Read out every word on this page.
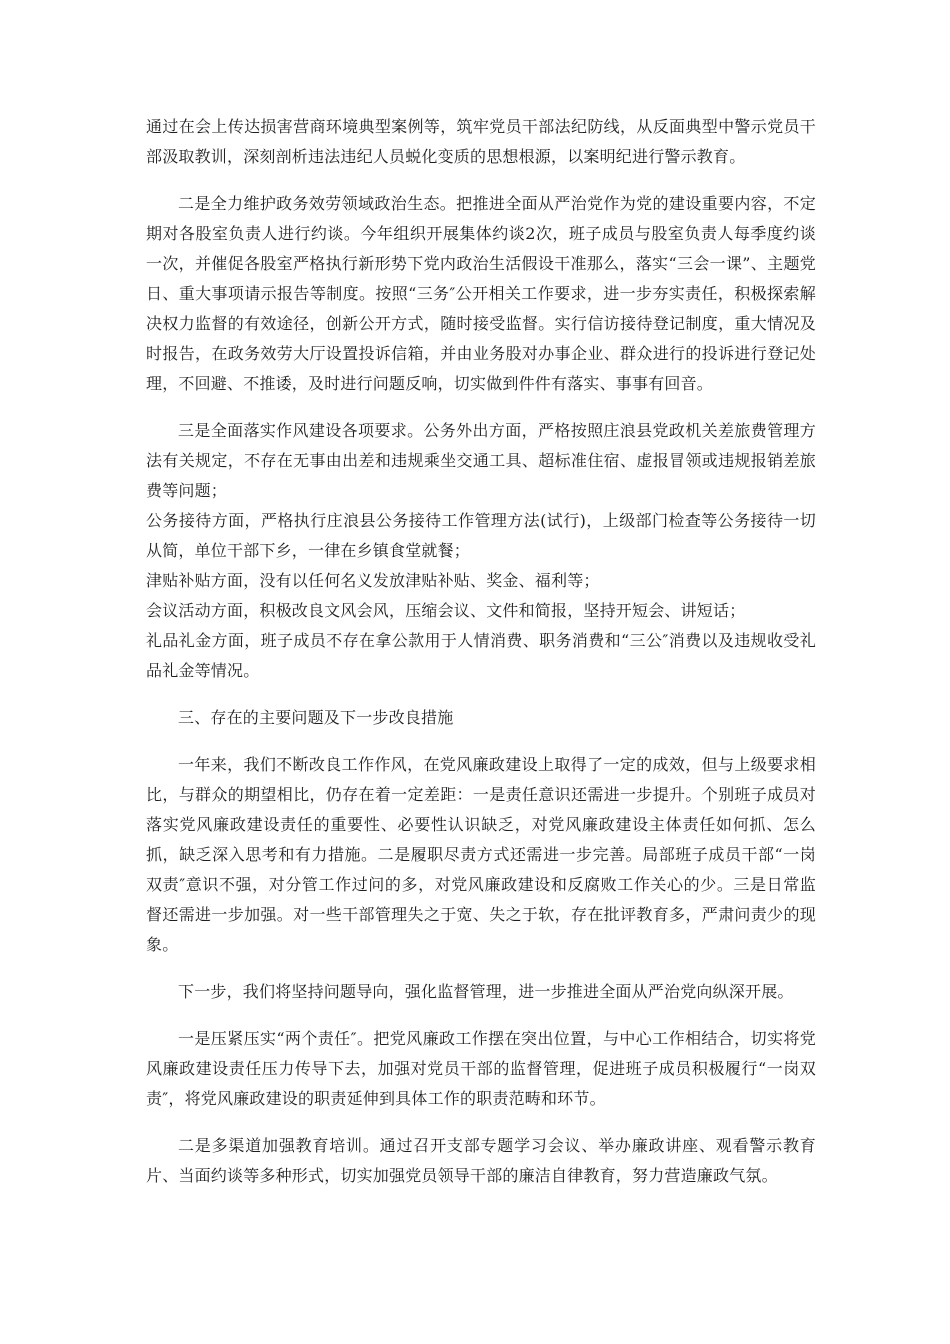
通过在会上传达损害营商环境典型案例等，筑牢党员干部法纪防线，从反面典型中警示党员干部汲取教训，深刻剖析违法违纪人员蜕化变质的思想根源，以案明纪进行警示教育。

二是全力维护政务效劳领域政治生态。把推进全面从严治党作为党的建设重要内容，不定期对各股室负责人进行约谈。今年组织开展集体约谈2次，班子成员与股室负责人每季度约谈一次，并催促各股室严格执行新形势下党内政治生活假设干准那么，落实“三会一课”、主题党日、重大事项请示报告等制度。按照“三务″公开相关工作要求，进一步夯实责任，积极探索解决权力监督的有效途径，创新公开方式，随时接受监督。实行信访接待登记制度，重大情况及时报告，在政务效劳大厅设置投诉信箱，并由业务股对办事企业、群众进行的投诉进行登记处理，不回避、不推诿，及时进行问题反响，切实做到件件有落实、事事有回音。

三是全面落实作风建设各项要求。公务外出方面，严格按照庄浪县党政机关差旅费管理方法有关规定，不存在无事由出差和违规乘坐交通工具、超标准住宿、虚报冒领或违规报销差旅费等问题；

公务接待方面，严格执行庄浪县公务接待工作管理方法(试行)，上级部门检查等公务接待一切从简，单位干部下乡，一律在乡镇食堂就餐；

津贴补贴方面，没有以任何名义发放津贴补贴、奖金、福利等；

会议活动方面，积极改良文风会风，压缩会议、文件和简报，坚持开短会、讲短话；

礼品礼金方面，班子成员不存在拿公款用于人情消费、职务消费和“三公″消费以及违规收受礼品礼金等情况。

三、存在的主要问题及下一步改良措施

一年来，我们不断改良工作作风，在党风廉政建设上取得了一定的成效，但与上级要求相比，与群众的期望相比，仍存在着一定差距：一是责任意识还需进一步提升。个别班子成员对落实党风廉政建设责任的重要性、必要性认识缺乏，对党风廉政建设主体责任如何抓、怎么抓，缺乏深入思考和有力措施。二是履职尽责方式还需进一步完善。局部班子成员干部“一岗双责″意识不强，对分管工作过问的多，对党风廉政建设和反腐败工作关心的少。三是日常监督还需进一步加强。对一些干部管理失之于宽、失之于软，存在批评教育多，严肃问责少的现象。

下一步，我们将坚持问题导向，强化监督管理，进一步推进全面从严治党向纵深开展。

一是压紧压实“两个责任″。把党风廉政工作摆在突出位置，与中心工作相结合，切实将党风廉政建设责任压力传导下去，加强对党员干部的监督管理，促进班子成员积极履行“一岗双责″，将党风廉政建设的职责延伸到具体工作的职责范畴和环节。

二是多渠道加强教育培训。通过召开支部专题学习会议、举办廉政讲座、观看警示教育片、当面约谈等多种形式，切实加强党员领导干部的廉洁自律教育，努力营造廉政气氛。
